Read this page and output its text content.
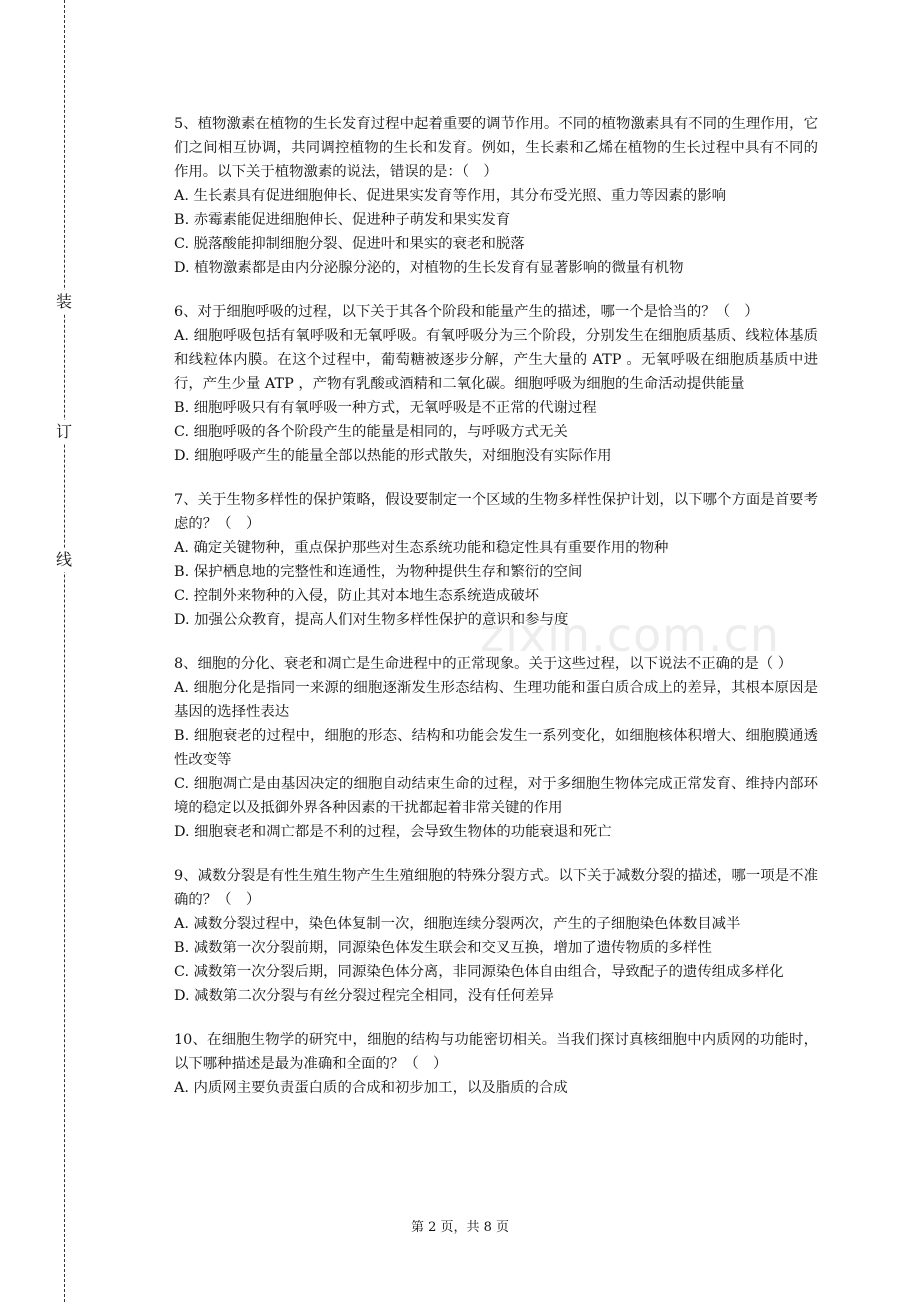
装
订
线
zixin.com.cn

5、植物激素在植物的生长发育过程中起着重要的调节作用。不同的植物激素具有不同的生理作用，它们之间相互协调，共同调控植物的生长和发育。例如，生长素和乙烯在植物的生长过程中具有不同的作用。以下关于植物激素的说法，错误的是：（　）

A. 生长素具有促进细胞伸长、促进果实发育等作用，其分布受光照、重力等因素的影响

B. 赤霉素能促进细胞伸长、促进种子萌发和果实发育

C. 脱落酸能抑制细胞分裂、促进叶和果实的衰老和脱落

D. 植物激素都是由内分泌腺分泌的，对植物的生长发育有显著影响的微量有机物

6、对于细胞呼吸的过程，以下关于其各个阶段和能量产生的描述，哪一个是恰当的？（　）

A. 细胞呼吸包括有氧呼吸和无氧呼吸。有氧呼吸分为三个阶段，分别发生在细胞质基质、线粒体基质和线粒体内膜。在这个过程中，葡萄糖被逐步分解，产生大量的 ATP 。无氧呼吸在细胞质基质中进行，产生少量 ATP ，产物有乳酸或酒精和二氧化碳。细胞呼吸为细胞的生命活动提供能量

B. 细胞呼吸只有有氧呼吸一种方式，无氧呼吸是不正常的代谢过程

C. 细胞呼吸的各个阶段产生的能量是相同的，与呼吸方式无关

D. 细胞呼吸产生的能量全部以热能的形式散失，对细胞没有实际作用

7、关于生物多样性的保护策略，假设要制定一个区域的生物多样性保护计划，以下哪个方面是首要考虑的？（　）

A. 确定关键物种，重点保护那些对生态系统功能和稳定性具有重要作用的物种

B. 保护栖息地的完整性和连通性，为物种提供生存和繁衍的空间

C. 控制外来物种的入侵，防止其对本地生态系统造成破坏

D. 加强公众教育，提高人们对生物多样性保护的意识和参与度

8、细胞的分化、衰老和凋亡是生命进程中的正常现象。关于这些过程，以下说法不正确的是（ ）

A. 细胞分化是指同一来源的细胞逐渐发生形态结构、生理功能和蛋白质合成上的差异，其根本原因是基因的选择性表达

B. 细胞衰老的过程中，细胞的形态、结构和功能会发生一系列变化，如细胞核体积增大、细胞膜通透性改变等

C. 细胞凋亡是由基因决定的细胞自动结束生命的过程，对于多细胞生物体完成正常发育、维持内部环境的稳定以及抵御外界各种因素的干扰都起着非常关键的作用

D. 细胞衰老和凋亡都是不利的过程，会导致生物体的功能衰退和死亡

9、减数分裂是有性生殖生物产生生殖细胞的特殊分裂方式。以下关于减数分裂的描述，哪一项是不准确的？（　）

A. 减数分裂过程中，染色体复制一次，细胞连续分裂两次，产生的子细胞染色体数目减半

B. 减数第一次分裂前期，同源染色体发生联会和交叉互换，增加了遗传物质的多样性

C. 减数第一次分裂后期，同源染色体分离，非同源染色体自由组合，导致配子的遗传组成多样化

D. 减数第二次分裂与有丝分裂过程完全相同，没有任何差异

10、在细胞生物学的研究中，细胞的结构与功能密切相关。当我们探讨真核细胞中内质网的功能时，以下哪种描述是最为准确和全面的？（　）

A. 内质网主要负责蛋白质的合成和初步加工，以及脂质的合成

第 2 页，共 8 页
